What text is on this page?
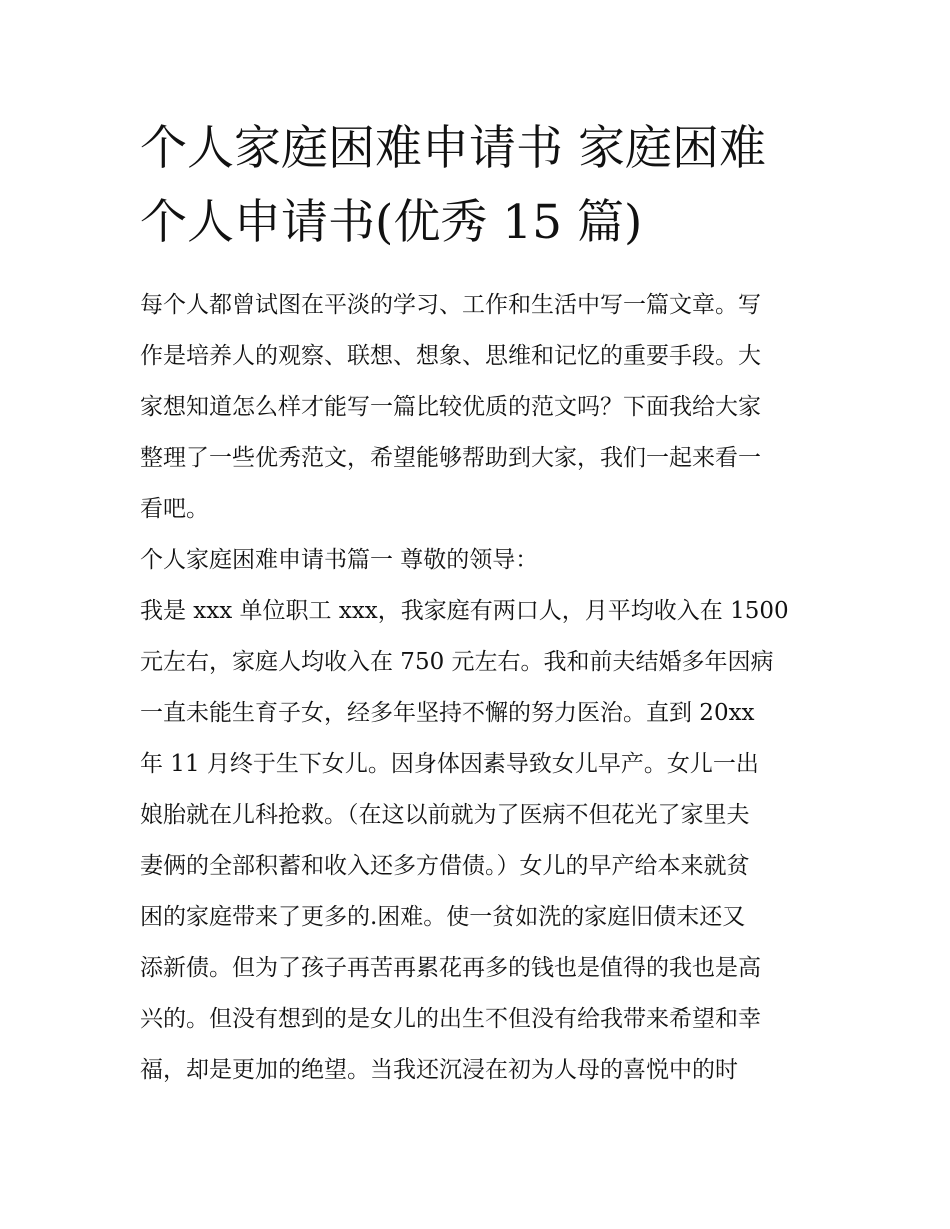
个人家庭困难申请书 家庭困难
个人申请书(优秀 15 篇)

每个人都曾试图在平淡的学习、工作和生活中写一篇文章。写
作是培养人的观察、联想、想象、思维和记忆的重要手段。大
家想知道怎么样才能写一篇比较优质的范文吗？下面我给大家
整理了一些优秀范文，希望能够帮助到大家，我们一起来看一
看吧。

个人家庭困难申请书篇一 尊敬的领导：

我是 xxx 单位职工 xxx，我家庭有两口人，月平均收入在 1500
元左右，家庭人均收入在 750 元左右。我和前夫结婚多年因病
一直未能生育子女，经多年坚持不懈的努力医治。直到 20xx
年 11 月终于生下女儿。因身体因素导致女儿早产。女儿一出
娘胎就在儿科抢救。（在这以前就为了医病不但花光了家里夫
妻俩的全部积蓄和收入还多方借债。）女儿的早产给本来就贫
困的家庭带来了更多的.困难。使一贫如洗的家庭旧债末还又
添新债。但为了孩子再苦再累花再多的钱也是值得的我也是高
兴的。但没有想到的是女儿的出生不但没有给我带来希望和幸
福，却是更加的绝望。当我还沉浸在初为人母的喜悦中的时
